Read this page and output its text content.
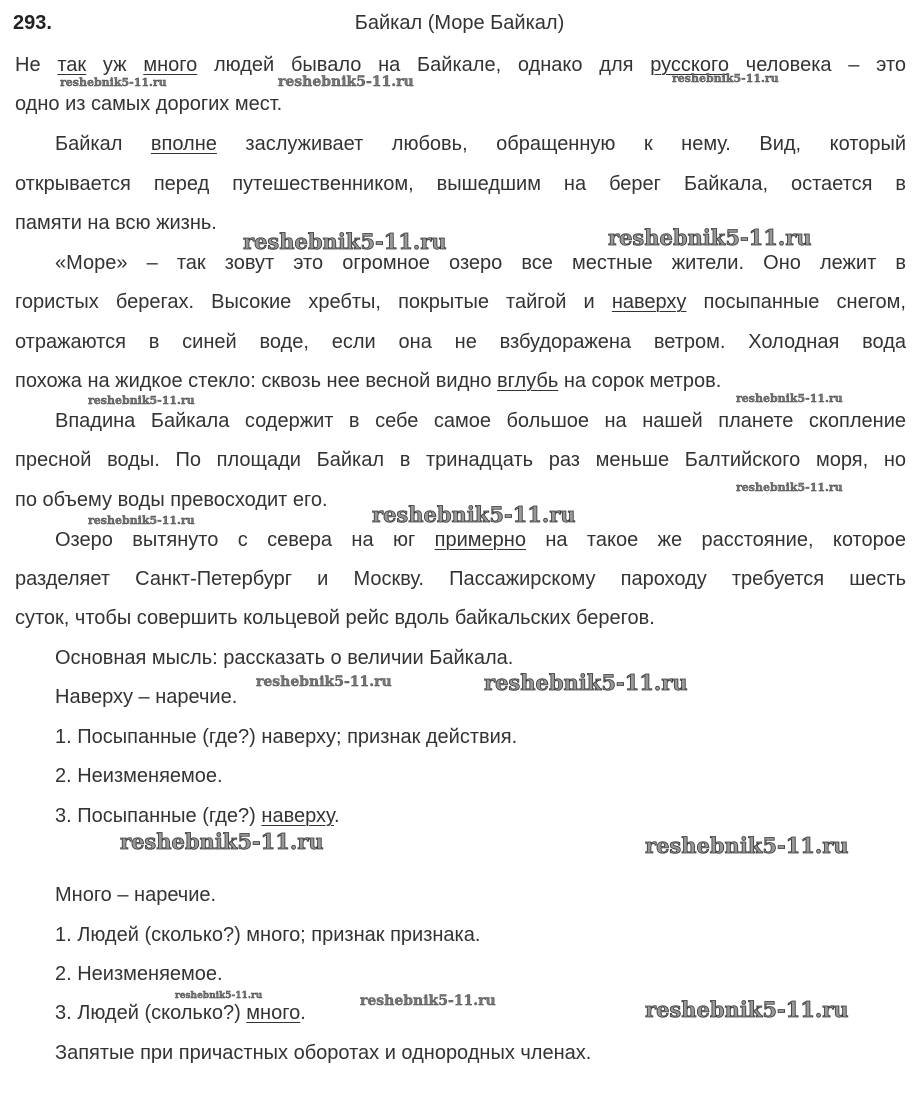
293.	Байкал (Море Байкал)
Не так уж много людей бывало на Байкале, однако для русского человека – это
одно из самых дорогих мест.
Байкал вполне заслуживает любовь, обращенную к нему. Вид, который
открывается перед путешественником, вышедшим на берег Байкала, остается в
памяти на всю жизнь.
«Море» – так зовут это огромное озеро все местные жители. Оно лежит в
гористых берегах. Высокие хребты, покрытые тайгой и наверху посыпанные снегом,
отражаются в синей воде, если она не взбудоражена ветром. Холодная вода
похожа на жидкое стекло: сквозь нее весной видно вглубь на сорок метров.
Впадина Байкала содержит в себе самое большое на нашей планете скопление
пресной воды. По площади Байкал в тринадцать раз меньше Балтийского моря, но
по объему воды превосходит его.
Озеро вытянуто с севера на юг примерно на такое же расстояние, которое
разделяет Санкт-Петербург и Москву. Пассажирскому пароходу требуется шесть
суток, чтобы совершить кольцевой рейс вдоль байкальских берегов.
Основная мысль: рассказать о величии Байкала.
Наверху – наречие.
1. Посыпанные (где?) наверху; признак действия.
2. Неизменяемое.
3. Посыпанные (где?) наверху.
Много – наречие.
1. Людей (сколько?) много; признак признака.
2. Неизменяемое.
3. Людей (сколько?) много.
Запятые при причастных оборотах и однородных членах.
reshebnik5-11.ru	reshebnik5-11.ru	reshebnik5-11.ru
reshebnik5-11.ru	reshebnik5-11.ru
reshebnik5-11.ru	reshebnik5-11.ru
reshebnik5-11.ru
reshebnik5-11.ru	reshebnik5-11.ru
reshebnik5-11.ru	reshebnik5-11.ru
reshebnik5-11.ru	reshebnik5-11.ru
reshebnik5-11.ru	reshebnik5-11.ru	reshebnik5-11.ru
